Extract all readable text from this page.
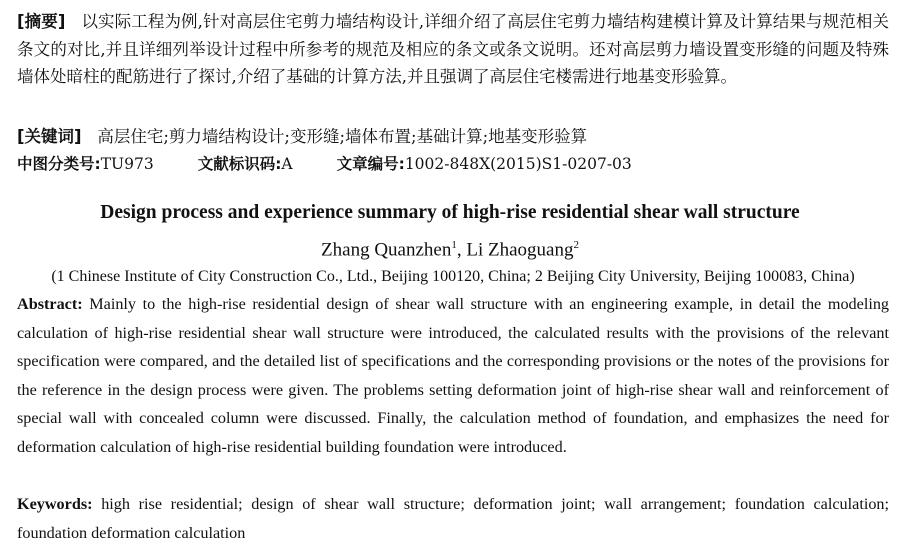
[摘要] 以实际工程为例,针对高层住宅剪力墙结构设计,详细介绍了高层住宅剪力墙结构建模计算及计算结果与规范相关条文的对比,并且详细列举设计过程中所参考的规范及相应的条文或条文说明。还对高层剪力墙设置变形缝的问题及特殊墙体处暗柱的配筋进行了探讨,介绍了基础的计算方法,并且强调了高层住宅楼需进行地基变形验算。
[关键词] 高层住宅;剪力墙结构设计;变形缝;墙体布置;基础计算;地基变形验算
中图分类号:TU973	文献标识码:A	文章编号:1002-848X(2015)S1-0207-03
Design process and experience summary of high-rise residential shear wall structure
Zhang Quanzhen$^1$, Li Zhaoguang$^2$
(1 Chinese Institute of City Construction Co., Ltd., Beijing 100120, China; 2 Beijing City University, Beijing 100083, China)
Abstract: Mainly to the high-rise residential design of shear wall structure with an engineering example, in detail the modeling calculation of high-rise residential shear wall structure were introduced, the calculated results with the provisions of the relevant specification were compared, and the detailed list of specifications and the corresponding provisions or the notes of the provisions for the reference in the design process were given. The problems setting deformation joint of high-rise shear wall and reinforcement of special wall with concealed column were discussed. Finally, the calculation method of foundation, and emphasizes the need for deformation calculation of high-rise residential building foundation were introduced.
Keywords: high rise residential; design of shear wall structure; deformation joint; wall arrangement; foundation calculation; foundation deformation calculation
